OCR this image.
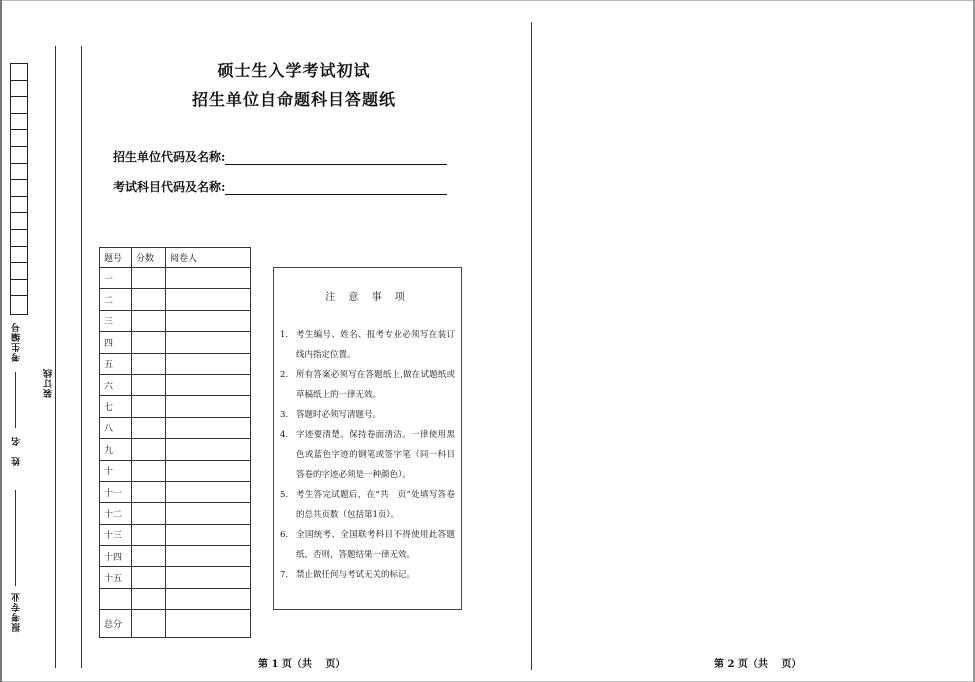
考生编号
姓　名
报考专业
装订线
硕士生入学考试初试
招生单位自命题科目答题纸
招生单位代码及名称:
考试科目代码及名称:
题号	分数	阅卷人
一		
二		
三		
四		
五		
六		
七		
八		
九		
十		
十一		
十二		
十三		
十四		
十五		

总分		
注 意 事 项
1. 考生编号、姓名、报考专业必须写在装订线内指定位置。
2. 所有答案必须写在答题纸上,做在试题纸或草稿纸上的一律无效。
3. 答题时必须写清题号。
4. 字迹要清楚、保持卷面清洁。一律使用黑色或蓝色字迹的钢笔或签字笔（同一科目答卷的字迹必须是一种颜色）。
5. 考生答完试题后，在“共　页”处填写答卷的总共页数（包括第1页）。
6. 全国统考、全国联考科目不得使用此答题纸，否则，答题结果一律无效。
7. 禁止做任何与考试无关的标记。
第 1 页（共　 页）	第 2 页（共　 页）
